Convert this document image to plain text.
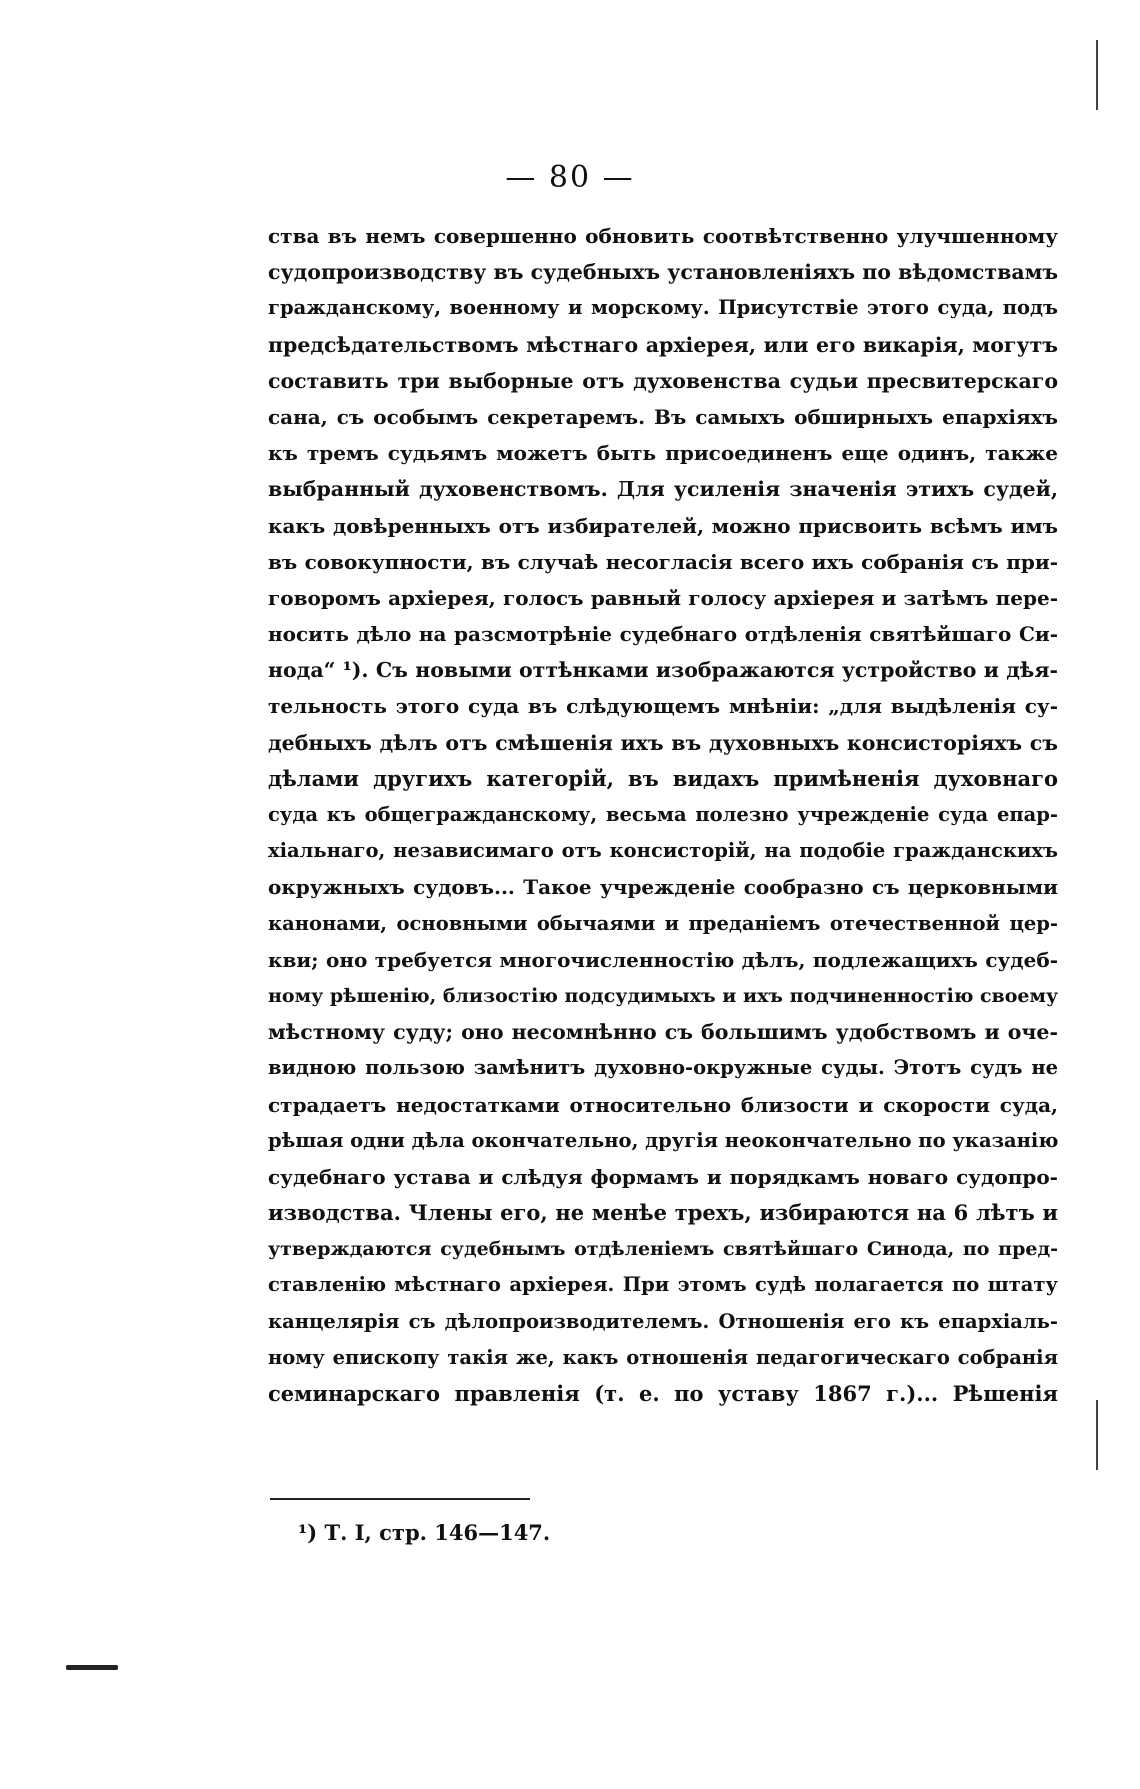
— 80 —
ства въ немъ совершенно обновить соотвѣтственно улучшенному
судопроизводству въ судебныхъ установленіяхъ по вѣдомствамъ
гражданскому, военному и морскому. Присутствіе этого суда, подъ
предсѣдательствомъ мѣстнаго архіерея, или его викарія, могутъ
составить три выборные отъ духовенства судьи пресвитерскаго
сана, съ особымъ секретаремъ. Въ самыхъ обширныхъ епархіяхъ
къ тремъ судьямъ можетъ быть присоединенъ еще одинъ, также
выбранный духовенствомъ. Для усиленія значенія этихъ судей,
какъ довѣренныхъ отъ избирателей, можно присвоить всѣмъ имъ
въ совокупности, въ случаѣ несогласія всего ихъ собранія съ при-
говоромъ архіерея, голосъ равный голосу архіерея и затѣмъ пере-
носить дѣло на разсмотрѣніе судебнаго отдѣленія святѣйшаго Си-
нода“ ¹). Съ новыми оттѣнками изображаются устройство и дѣя-
тельность этого суда въ слѣдующемъ мнѣніи: „для выдѣленія су-
дебныхъ дѣлъ отъ смѣшенія ихъ въ духовныхъ консисторіяхъ съ
дѣлами другихъ категорій, въ видахъ примѣненія духовнаго
суда къ общегражданскому, весьма полезно учрежденіе суда епар-
хіальнаго, независимаго отъ консисторій, на подобіе гражданскихъ
окружныхъ судовъ... Такое учрежденіе сообразно съ церковными
канонами, основными обычаями и преданіемъ отечественной цер-
кви; оно требуется многочисленностію дѣлъ, подлежащихъ судеб-
ному рѣшенію, близостію подсудимыхъ и ихъ подчиненностію своему
мѣстному суду; оно несомнѣнно съ большимъ удобствомъ и оче-
видною пользою замѣнитъ духовно-окружные суды. Этотъ судъ не
страдаетъ недостатками относительно близости и скорости суда,
рѣшая одни дѣла окончательно, другія неокончательно по указанію
судебнаго устава и слѣдуя формамъ и порядкамъ новаго судопро-
изводства. Члены его, не менѣе трехъ, избираются на 6 лѣтъ и
утверждаются судебнымъ отдѣленіемъ святѣйшаго Синода, по пред-
ставленію мѣстнаго архіерея. При этомъ судѣ полагается по штату
канцелярія съ дѣлопроизводителемъ. Отношенія его къ епархіаль-
ному епископу такія же, какъ отношенія педагогическаго собранія
семинарскаго правленія (т. е. по уставу 1867 г.)... Рѣшенія
¹) Т. I, стр. 146—147.
